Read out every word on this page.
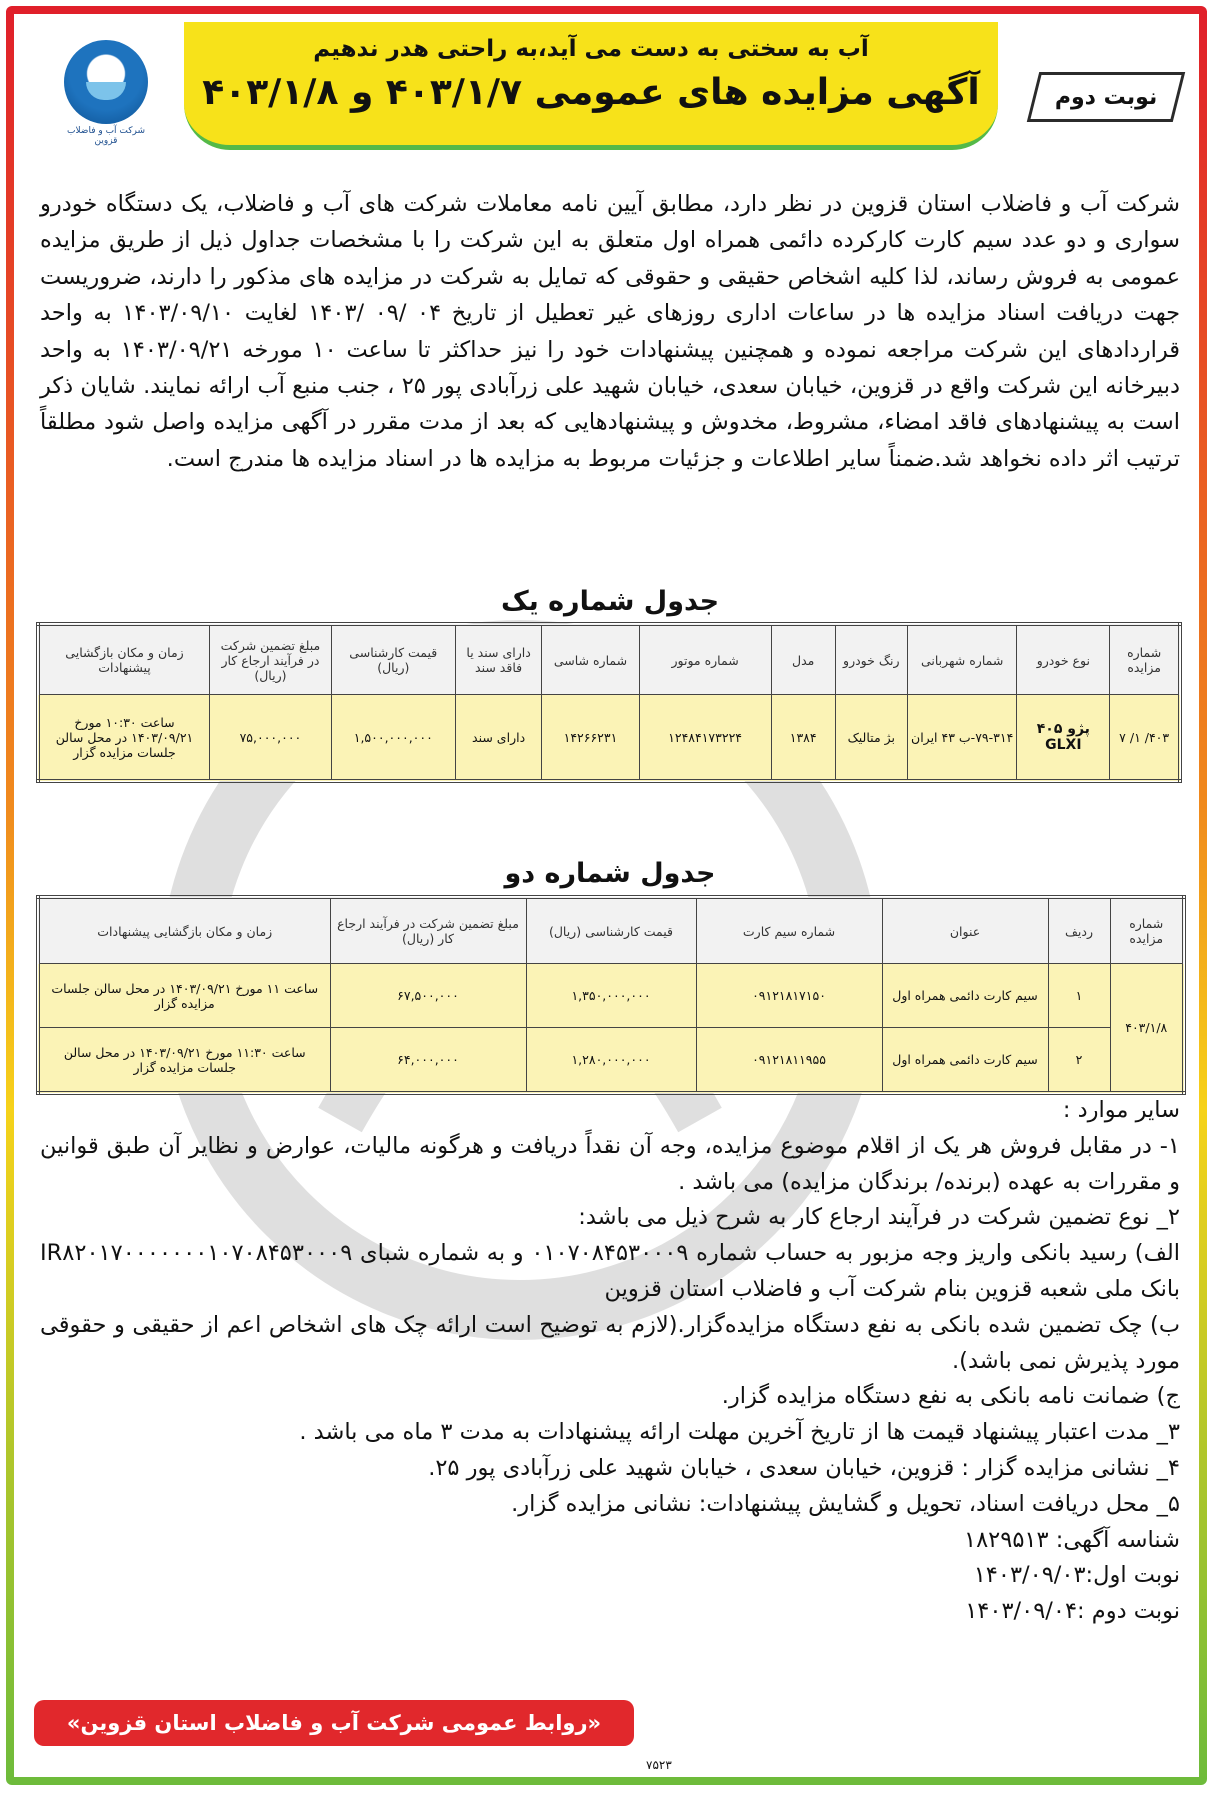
آب به سختی به دست می آید،به راحتی هدر ندهیم
آگهی مزایده های عمومی ۴۰۳/۱/۷ و ۴۰۳/۱/۸	نوبت دوم
شرکت آب و فاضلاب قزوین

شرکت آب و فاضلاب استان قزوین در نظر دارد، مطابق آیین نامه معاملات شرکت های آب و فاضلاب، یک دستگاه خودرو سواری و دو عدد سیم کارت کارکرده دائمی همراه اول متعلق به این شرکت را با مشخصات جداول ذیل از طریق مزایده عمومی به فروش رساند، لذا کلیه اشخاص حقیقی و حقوقی که تمایل به شرکت در مزایده های مذکور را دارند، ضروریست جهت دریافت اسناد مزایده ها در ساعات اداری روزهای غیر تعطیل از تاریخ ۰۴ /۰۹ /۱۴۰۳ لغایت ۱۴۰۳/۰۹/۱۰ به واحد قراردادهای این شرکت مراجعه نموده و همچنین پیشنهادات خود را نیز حداکثر تا ساعت ۱۰ مورخه ۱۴۰۳/۰۹/۲۱ به واحد دبیرخانه این شرکت واقع در قزوین، خیابان سعدی، خیابان شهید علی زرآبادی پور ۲۵ ، جنب منبع آب ارائه نمایند. شایان ذکر است به پیشنهادهای فاقد امضاء، مشروط، مخدوش و پیشنهادهایی که بعد از مدت مقرر در آگهی مزایده واصل شود مطلقاً ترتیب اثر داده نخواهد شد.ضمناً سایر اطلاعات و جزئیات مربوط به مزایده ها در اسناد مزایده ها مندرج است.

جدول شماره یک
شماره مزایده	نوع خودرو	شماره شهربانی	رنگ خودرو	مدل	شماره موتور	شماره شاسی	دارای سند یا فاقد سند	قیمت کارشناسی (ریال)	مبلغ تضمین شرکت در فرآیند ارجاع کار (ریال)	زمان و مکان بازگشایی پیشنهادات
۴۰۳/ ۱/ ۷	پژو ۴۰۵ GLXI	۷۹-۳۱۴-ب ۴۳ ایران	بژ متالیک	۱۳۸۴	۱۲۴۸۴۱۷۳۲۲۴	۱۴۲۶۶۲۳۱	دارای سند	۱,۵۰۰,۰۰۰,۰۰۰	۷۵,۰۰۰,۰۰۰	ساعت ۱۰:۳۰ مورخ ۱۴۰۳/۰۹/۲۱ در محل سالن جلسات مزایده گزار
جدول شماره دو
شماره مزایده	ردیف	عنوان	شماره سیم کارت	قیمت کارشناسی (ریال)	مبلغ تضمین شرکت در فرآیند ارجاع کار (ریال)	زمان و مکان بازگشایی پیشنهادات
۴۰۳/۱/۸	۱	سیم کارت دائمی همراه اول	۰۹۱۲۱۸۱۷۱۵۰	۱,۳۵۰,۰۰۰,۰۰۰	۶۷,۵۰۰,۰۰۰	ساعت ۱۱ مورخ ۱۴۰۳/۰۹/۲۱ در محل سالن جلسات مزایده گزار
	۲	سیم کارت دائمی همراه اول	۰۹۱۲۱۸۱۱۹۵۵	۱,۲۸۰,۰۰۰,۰۰۰	۶۴,۰۰۰,۰۰۰	ساعت ۱۱:۳۰ مورخ ۱۴۰۳/۰۹/۲۱ در محل سالن جلسات مزایده گزار

سایر موارد :

۱- در مقابل فروش هر یک از اقلام موضوع مزایده، وجه آن نقداً دریافت و هرگونه مالیات، عوارض و نظایر آن طبق قوانین و مقررات به عهده (برنده/ برندگان مزایده) می باشد .

۲_ نوع تضمین شرکت در فرآیند ارجاع کار به شرح ذیل می باشد:

الف) رسید بانکی واریز وجه مزبور به حساب شماره ۰۱۰۷۰۸۴۵۳۰۰۰۹ و به شماره شبای IR۸۲۰۱۷۰۰۰۰۰۰۰۱۰۷۰۸۴۵۳۰۰۰۹ بانک ملی شعبه قزوین بنام شرکت آب و فاضلاب استان قزوین

ب) چک تضمین شده بانکی به نفع دستگاه مزایده‌گزار.(لازم به توضیح است ارائه چک های اشخاص اعم از حقیقی و حقوقی مورد پذیرش نمی باشد).

ج) ضمانت نامه بانکی به نفع دستگاه مزایده گزار.

۳_ مدت اعتبار پیشنهاد قیمت ها از تاریخ آخرین مهلت ارائه پیشنهادات به مدت ۳ ماه می باشد .

۴_ نشانی مزایده گزار : قزوین، خیابان سعدی ، خیابان شهید علی زرآبادی پور ۲۵.

۵_ محل دریافت اسناد، تحویل و گشایش پیشنهادات: نشانی مزایده گزار.

شناسه آگهی: ۱۸۲۹۵۱۳

نوبت اول:۱۴۰۳/۰۹/۰۳

نوبت دوم :۱۴۰۳/۰۹/۰۴

«روابط عمومی شرکت آب و فاضلاب استان قزوین»
۷۵۲۳
